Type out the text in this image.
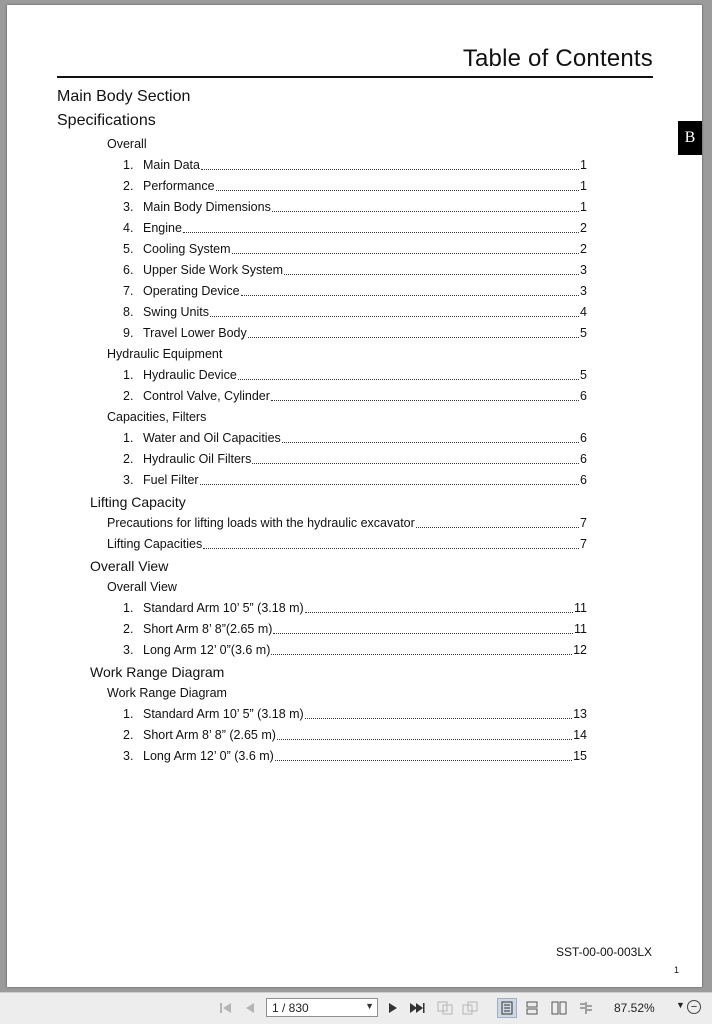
Table of Contents
Main Body Section
Specifications
Overall
1. Main Data	1
2. Performance	1
3. Main Body Dimensions	1
4. Engine	2
5. Cooling System	2
6. Upper Side Work System	3
7. Operating Device	3
8. Swing Units	4
9. Travel Lower Body	5
Hydraulic Equipment
1. Hydraulic Device	5
2. Control Valve, Cylinder	6
Capacities, Filters
1. Water and Oil Capacities	6
2. Hydraulic Oil Filters	6
3. Fuel Filter	6
Lifting Capacity
Precautions for lifting loads with the hydraulic excavator	7
Lifting Capacities	7
Overall View
Overall View
1. Standard Arm 10’ 5” (3.18 m)	11
2. Short Arm 8’ 8”(2.65 m)	11
3. Long Arm 12’ 0”(3.6 m)	12
Work Range Diagram
Work Range Diagram
1. Standard Arm 10’ 5” (3.18 m)	13
2. Short Arm 8’ 8” (2.65 m)	14
3. Long Arm 12’ 0” (3.6 m)	15
SST-00-00-003LX
1
B
1 / 830	▼	87.52% ▼ −
